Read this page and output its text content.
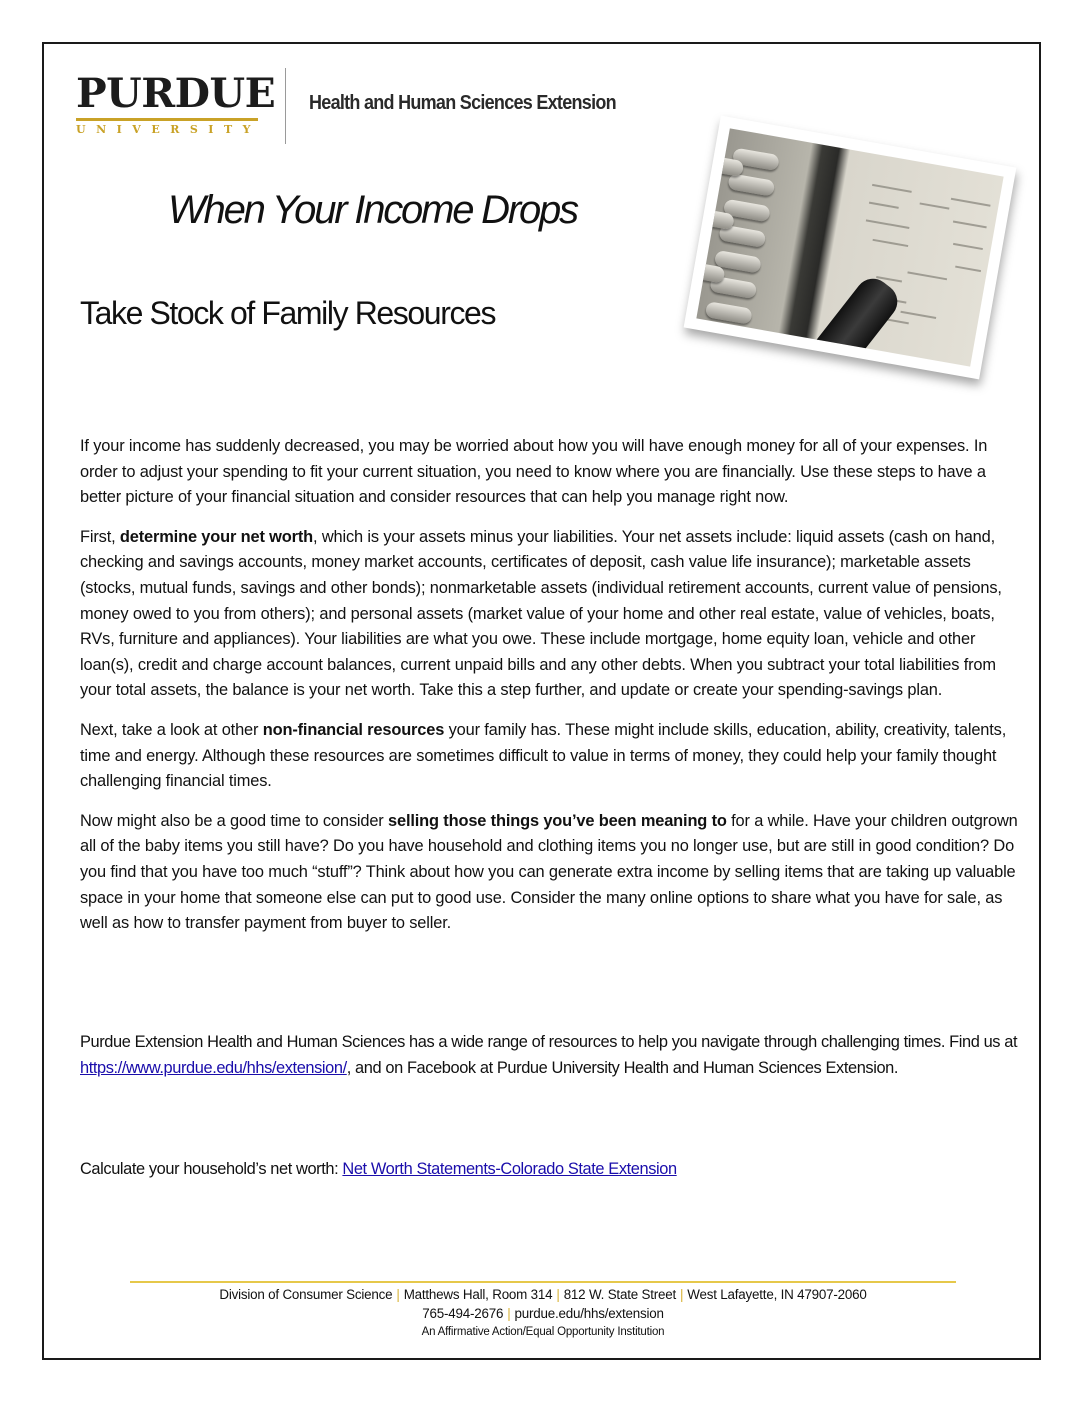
PURDUE
UNIVERSITY
Health and Human Sciences Extension
When Your Income Drops
Take Stock of Family Resources

If your income has suddenly decreased, you may be worried about how you will have enough money for all of your expenses. In order to adjust your spending to fit your current situation, you need to know where you are financially. Use these steps to have a better picture of your financial situation and consider resources that can help you manage right now.

First, determine your net worth, which is your assets minus your liabilities. Your net assets include: liquid assets (cash on hand, checking and savings accounts, money market accounts, certificates of deposit, cash value life insurance); marketable assets (stocks, mutual funds, savings and other bonds); nonmarketable assets (individual retirement accounts, current value of pensions, money owed to you from others); and personal assets (market value of your home and other real estate, value of vehicles, boats, RVs, furniture and appliances). Your liabilities are what you owe. These include mortgage, home equity loan, vehicle and other loan(s), credit and charge account balances, current unpaid bills and any other debts. When you subtract your total liabilities from your total assets, the balance is your net worth. Take this a step further, and update or create your spending-savings plan.

Next, take a look at other non-financial resources your family has. These might include skills, education, ability, creativity, talents, time and energy. Although these resources are sometimes difficult to value in terms of money, they could help your family thought challenging financial times.

Now might also be a good time to consider selling those things you’ve been meaning to for a while. Have your children outgrown all of the baby items you still have? Do you have household and clothing items you no longer use, but are still in good condition? Do you find that you have too much “stuff”? Think about how you can generate extra income by selling items that are taking up valuable space in your home that someone else can put to good use. Consider the many online options to share what you have for sale, as well as how to transfer payment from buyer to seller.

Purdue Extension Health and Human Sciences has a wide range of resources to help you navigate through challenging times. Find us at https://www.purdue.edu/hhs/extension/, and on Facebook at Purdue University Health and Human Sciences Extension.
Calculate your household’s net worth: Net Worth Statements-Colorado State Extension
Division of Consumer Science | Matthews Hall, Room 314 | 812 W. State Street | West Lafayette, IN 47907-2060
765-494-2676 | purdue.edu/hhs/extension
An Affirmative Action/Equal Opportunity Institution
